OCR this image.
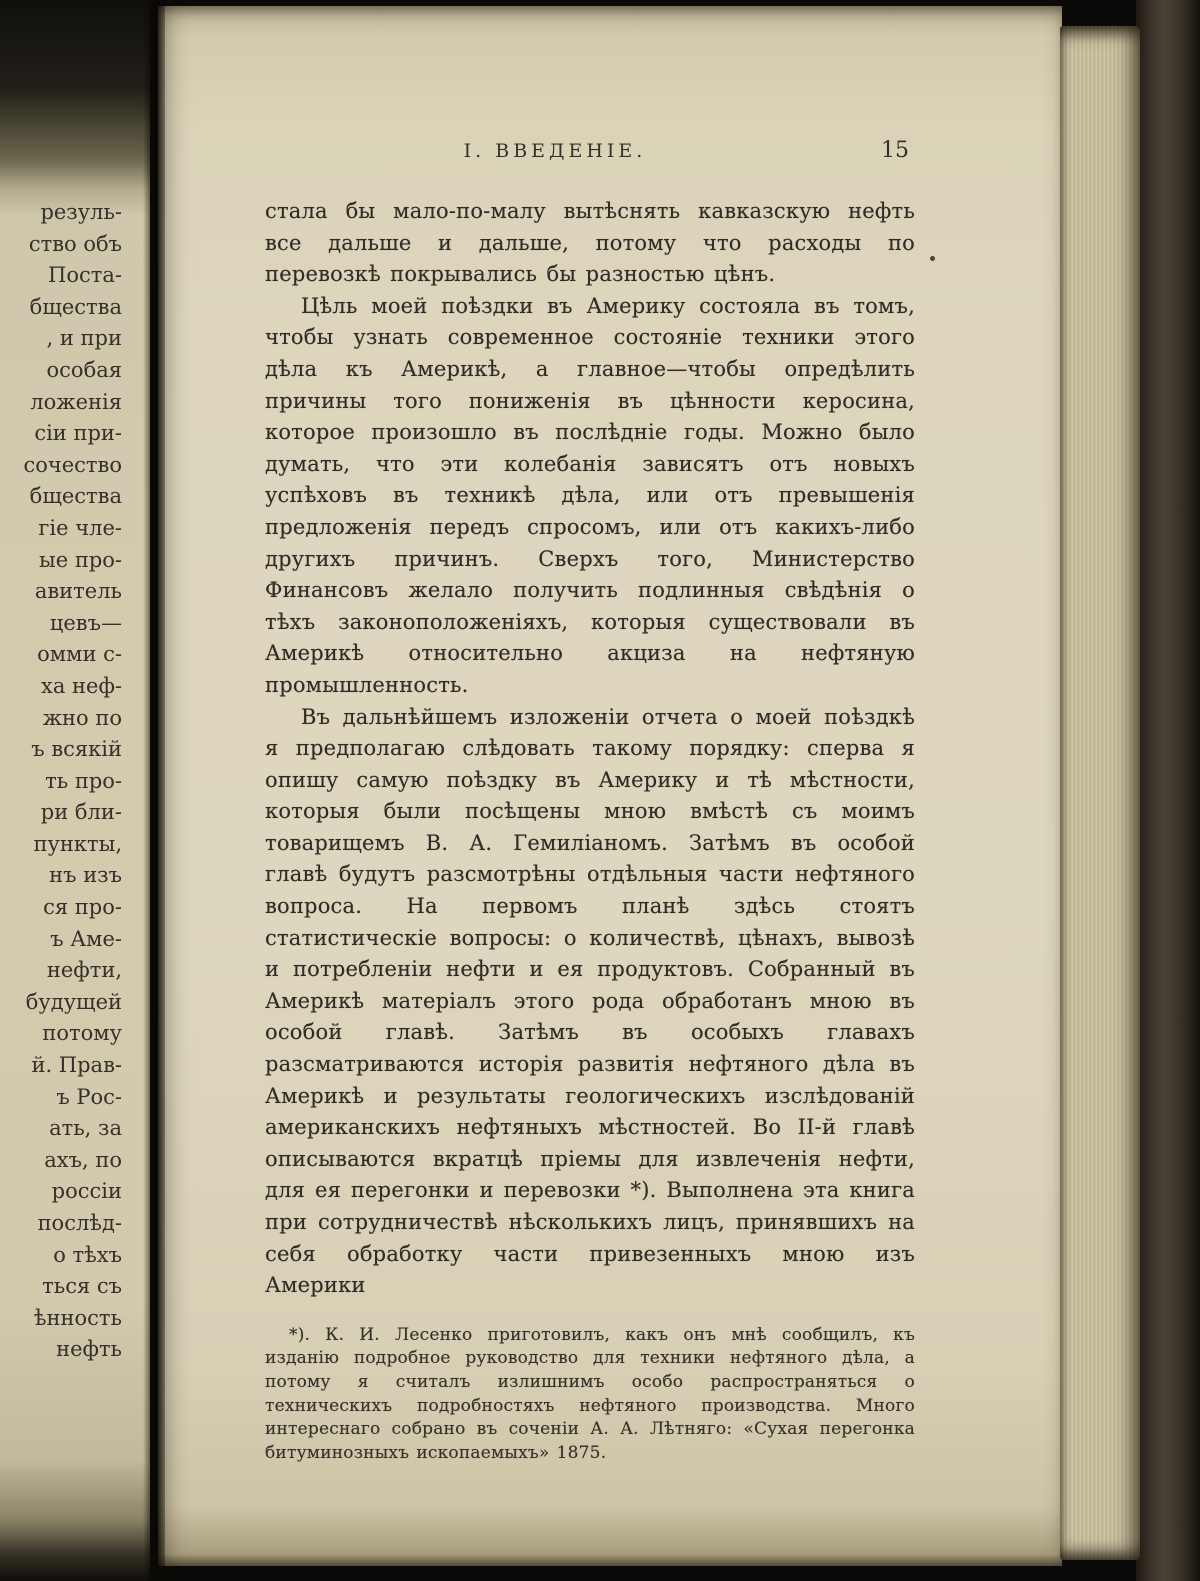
резуль-
ство объ
Поста-
бщества
, и при
особая
ложенія
сіи при-
сочество
бщества
гіе чле-
ые про-
авитель
цевъ—
омми с-
ха неф-
жно по
ъ всякій
ть про-
ри бли-
пункты,
нъ изъ
ся про-
ъ Аме-
нефти,
будущей
потому
й. Прав-
ъ Рос-
ать, за
ахъ, по
россіи
послѣд-
о тѣхъ
ться съ
ѣнность
нефть
І. ВВЕДЕНІЕ.	15

стала бы мало-по-малу вытѣснять кавказскую нефть все дальше и дальше, потому что расходы по перевозкѣ покрывались бы разностью цѣнъ.

Цѣль моей поѣздки въ Америку состояла въ томъ, чтобы узнать современное состояніе техники этого дѣла къ Америкѣ, а главное—чтобы опредѣлить причины того пониженія въ цѣнности керосина, которое произошло въ послѣдніе годы. Можно было думать, что эти колебанія зависятъ отъ новыхъ успѣховъ въ техникѣ дѣла, или отъ превышенія предложенія передъ спросомъ, или отъ какихъ-либо другихъ причинъ. Сверхъ того, Министерство Финансовъ желало получить подлинныя свѣдѣнія о тѣхъ законоположеніяхъ, которыя существовали въ Америкѣ относительно акциза на нефтяную промышленность.

Въ дальнѣйшемъ изложеніи отчета о моей поѣздкѣ я предполагаю слѣдовать такому порядку: сперва я опишу самую поѣздку въ Америку и тѣ мѣстности, которыя были посѣщены мною вмѣстѣ съ моимъ товарищемъ В. А. Гемиліаномъ. Затѣмъ въ особой главѣ будутъ разсмотрѣны отдѣльныя части нефтяного вопроса. На первомъ планѣ здѣсь стоятъ статистическіе вопросы: о количествѣ, цѣнахъ, вывозѣ и потребленіи нефти и ея продуктовъ. Собранный въ Америкѣ матеріалъ этого рода обработанъ мною въ особой главѣ. Затѣмъ въ особыхъ главахъ разсматриваются исторія развитія нефтяного дѣла въ Америкѣ и результаты геологическихъ изслѣдованій американскихъ нефтяныхъ мѣстностей. Во ІІ-й главѣ описываются вкратцѣ пріемы для извлеченія нефти, для ея перегонки и перевозки *). Выполнена эта книга при сотрудничествѣ нѣсколькихъ лицъ, принявшихъ на себя обработку части привезенныхъ мною изъ Америки

*). К. И. Лесенко приготовилъ, какъ онъ мнѣ сообщилъ, къ изданію подробное руководство для техники нефтяного дѣла, а потому я считалъ излишнимъ особо распространяться о техническихъ подробностяхъ нефтяного производства. Много интереснаго собрано въ соченіи А. А. Лѣтняго: «Сухая перегонка битуминозныхъ ископаемыхъ» 1875.
